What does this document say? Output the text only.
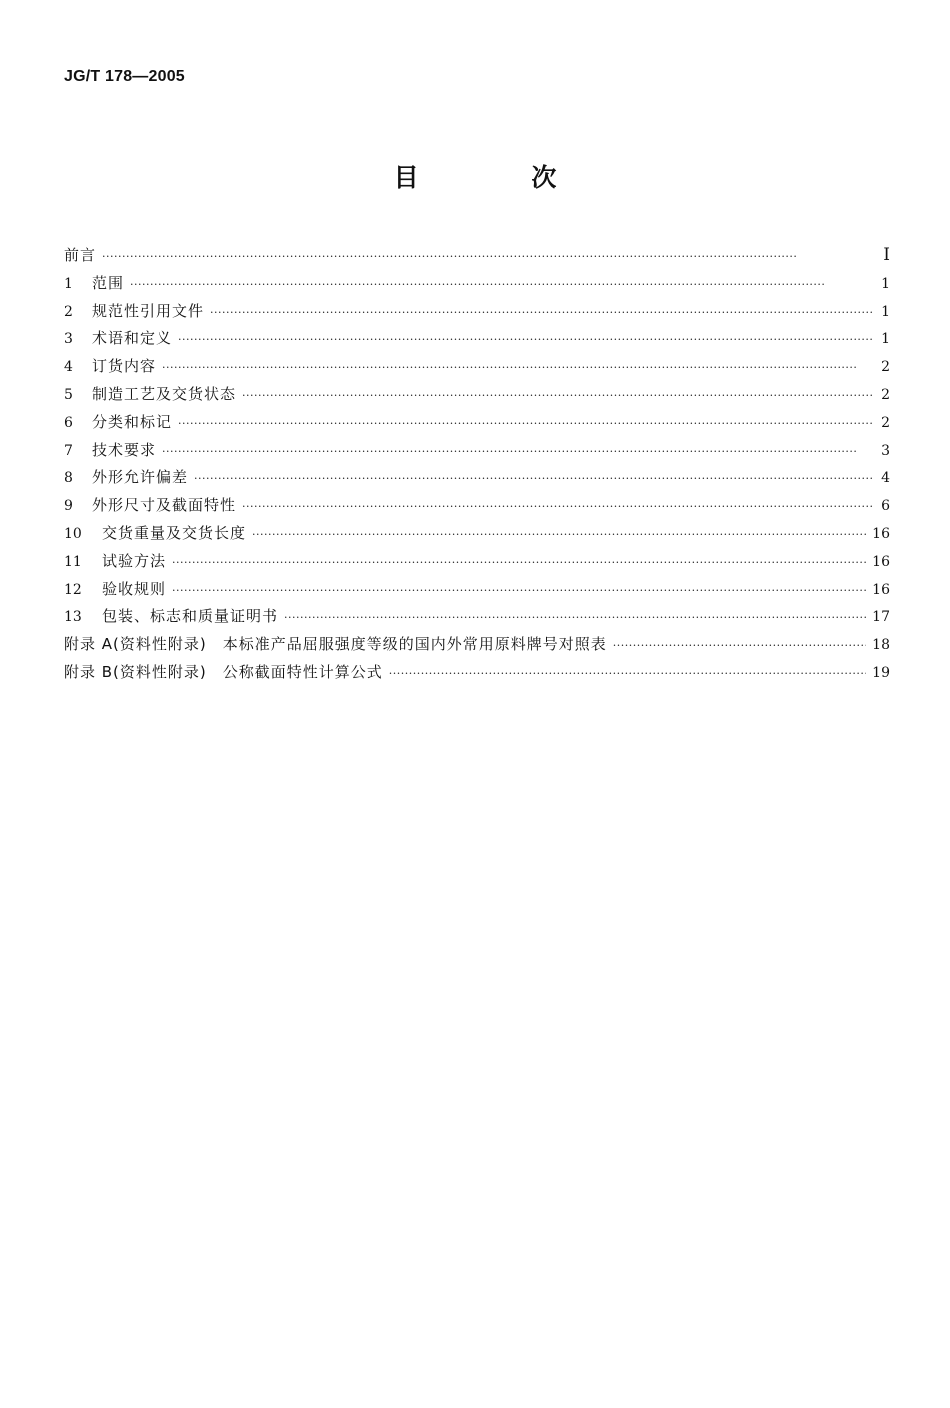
JG/T 178—2005
目 次
前言 ·····	I
1	范围 ·····	1
2	规范性引用文件 ·····	1
3	术语和定义 ·····	1
4	订货内容 ·····	2
5	制造工艺及交货状态 ·····	2
6	分类和标记 ·····	2
7	技术要求 ·····	3
8	外形允许偏差 ·····	4
9	外形尺寸及截面特性 ·····	6
10	交货重量及交货长度 ·····	16
11	试验方法 ·····	16
12	验收规则 ·····	16
13	包装、标志和质量证明书 ·····	17
附录 A(资料性附录)　本标准产品屈服强度等级的国内外常用原料牌号对照表 ·····	18
附录 B(资料性附录)　公称截面特性计算公式 ·····	19
